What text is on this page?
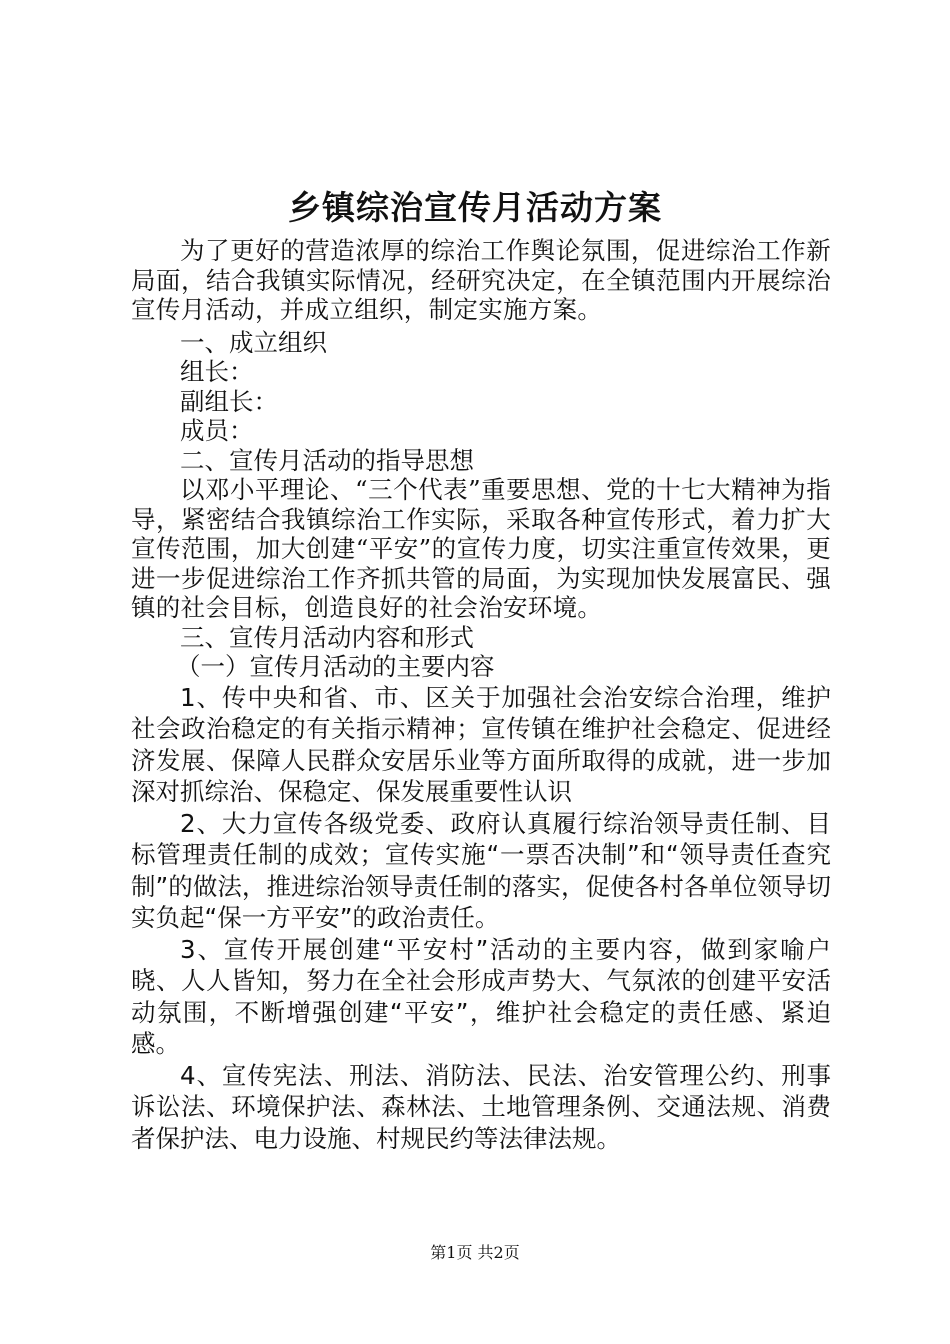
乡镇综治宣传月活动方案

为了更好的营造浓厚的综治工作舆论氛围，促进综治工作新局面，结合我镇实际情况，经研究决定，在全镇范围内开展综治宣传月活动，并成立组织，制定实施方案。

一、成立组织

组长：

副组长：

成员：

二、宣传月活动的指导思想

以邓小平理论、“三个代表”重要思想、党的十七大精神为指导，紧密结合我镇综治工作实际，采取各种宣传形式，着力扩大宣传范围，加大创建“平安”的宣传力度，切实注重宣传效果，更进一步促进综治工作齐抓共管的局面，为实现加快发展富民、强镇的社会目标，创造良好的社会治安环境。

三、宣传月活动内容和形式

（一）宣传月活动的主要内容

1、传中央和省、市、区关于加强社会治安综合治理，维护社会政治稳定的有关指示精神；宣传镇在维护社会稳定、促进经济发展、保障人民群众安居乐业等方面所取得的成就，进一步加深对抓综治、保稳定、保发展重要性认识

2、大力宣传各级党委、政府认真履行综治领导责任制、目标管理责任制的成效；宣传实施“一票否决制”和“领导责任查究制”的做法，推进综治领导责任制的落实，促使各村各单位领导切实负起“保一方平安”的政治责任。

3、宣传开展创建“平安村”活动的主要内容，做到家喻户晓、人人皆知，努力在全社会形成声势大、气氛浓的创建平安活动氛围，不断增强创建“平安”，维护社会稳定的责任感、紧迫感。

4、宣传宪法、刑法、消防法、民法、治安管理公约、刑事诉讼法、环境保护法、森林法、土地管理条例、交通法规、消费者保护法、电力设施、村规民约等法律法规。

第1页 共2页
